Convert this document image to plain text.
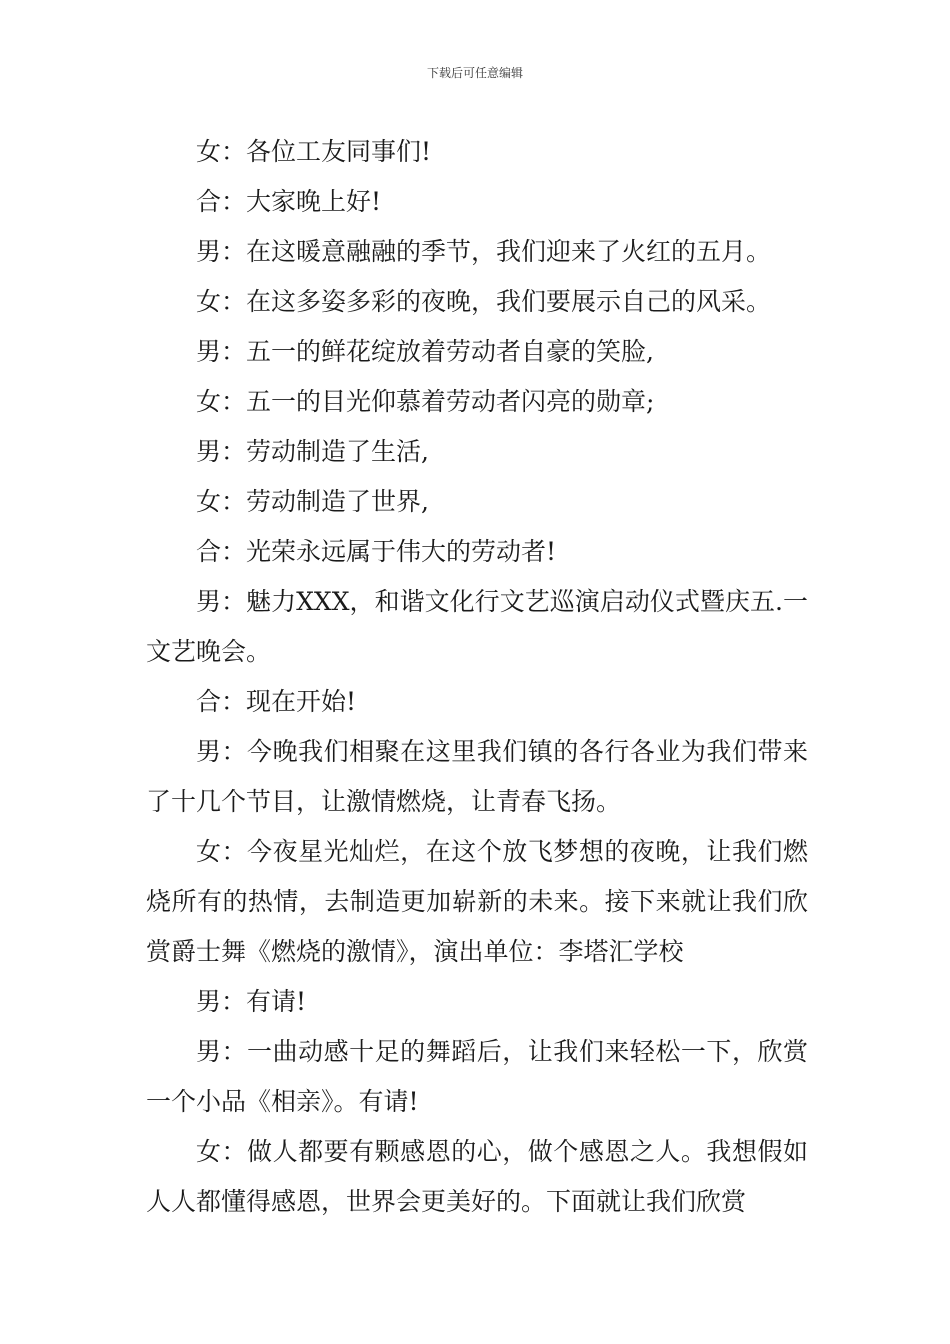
下载后可任意编辑

女：各位工友同事们!

合：大家晚上好!

男：在这暖意融融的季节，我们迎来了火红的五月。

女：在这多姿多彩的夜晚，我们要展示自己的风采。

男：五一的鲜花绽放着劳动者自豪的笑脸,

女：五一的目光仰慕着劳动者闪亮的勋章;

男：劳动制造了生活,

女：劳动制造了世界,

合：光荣永远属于伟大的劳动者!

男：魅力XXX，和谐文化行文艺巡演启动仪式暨庆五.一文艺晚会。

合：现在开始!

男：今晚我们相聚在这里我们镇的各行各业为我们带来了十几个节目，让激情燃烧，让青春飞扬。

女：今夜星光灿烂，在这个放飞梦想的夜晚，让我们燃烧所有的热情，去制造更加崭新的未来。接下来就让我们欣赏爵士舞《燃烧的激情》，演出单位：李塔汇学校

男：有请!

男：一曲动感十足的舞蹈后，让我们来轻松一下，欣赏一个小品《相亲》。有请!

女：做人都要有颗感恩的心，做个感恩之人。我想假如人人都懂得感恩，世界会更美好的。下面就让我们欣赏
